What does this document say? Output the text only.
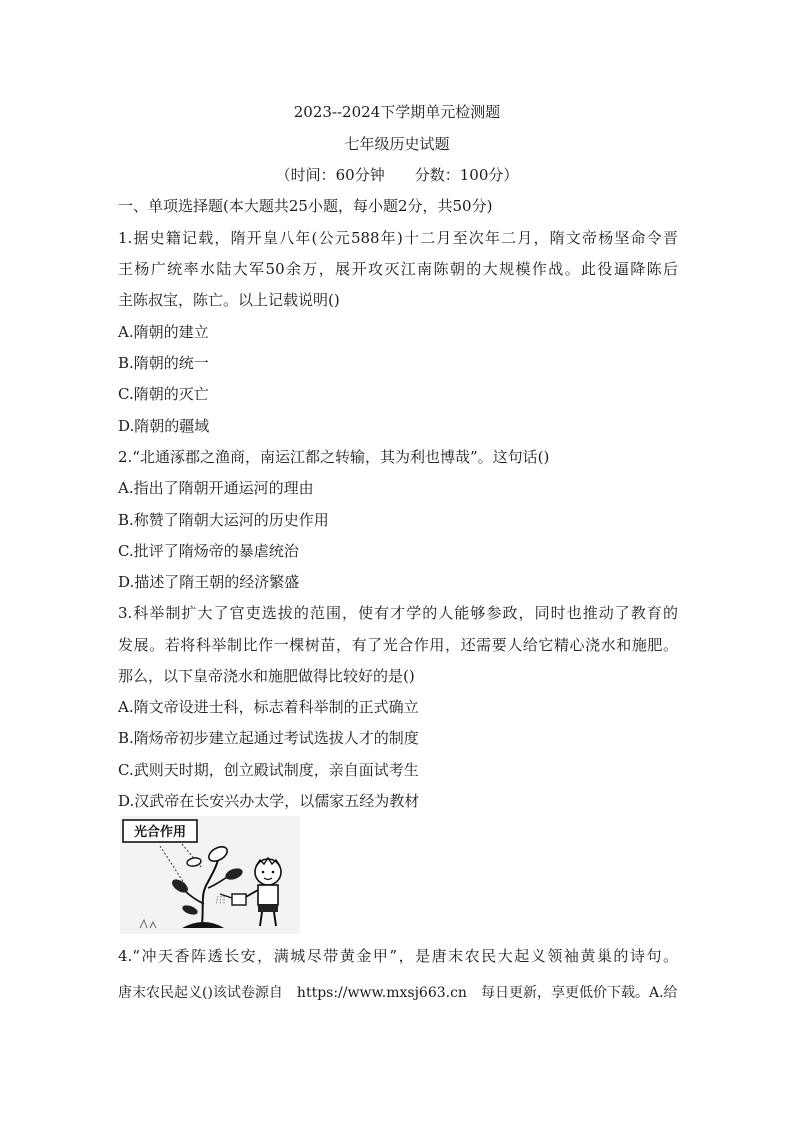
2023--2024下学期单元检测题
七年级历史试题
（时间：60分钟　　分数：100分）
一、单项选择题(本大题共25小题，每小题2分，共50分)
1.据史籍记载，隋开皇八年(公元588年)十二月至次年二月，隋文帝杨坚命令晋
王杨广统率水陆大军50余万，展开攻灭江南陈朝的大规模作战。此役逼降陈后
主陈叔宝，陈亡。以上记载说明()
A.隋朝的建立
B.隋朝的统一
C.隋朝的灭亡
D.隋朝的疆域
2.“北通涿郡之渔商，南运江都之转输，其为利也博哉”。这句话()
A.指出了隋朝开通运河的理由
B.称赞了隋朝大运河的历史作用
C.批评了隋炀帝的暴虐统治
D.描述了隋王朝的经济繁盛
3.科举制扩大了官吏选拔的范围，使有才学的人能够参政，同时也推动了教育的
发展。若将科举制比作一棵树苗，有了光合作用，还需要人给它精心浇水和施肥。
那么，以下皇帝浇水和施肥做得比较好的是()
A.隋文帝设进士科，标志着科举制的正式确立
B.隋炀帝初步建立起通过考试选拔人才的制度
C.武则天时期，创立殿试制度，亲自面试考生
D.汉武帝在长安兴办太学，以儒家五经为教材
光合作用
4.“冲天香阵透长安，满城尽带黄金甲”，是唐末农民大起义领袖黄巢的诗句。
唐末农民起义()该试卷源自　https://www.mxsj663.cn　每日更新，享更低价下载。A.给
